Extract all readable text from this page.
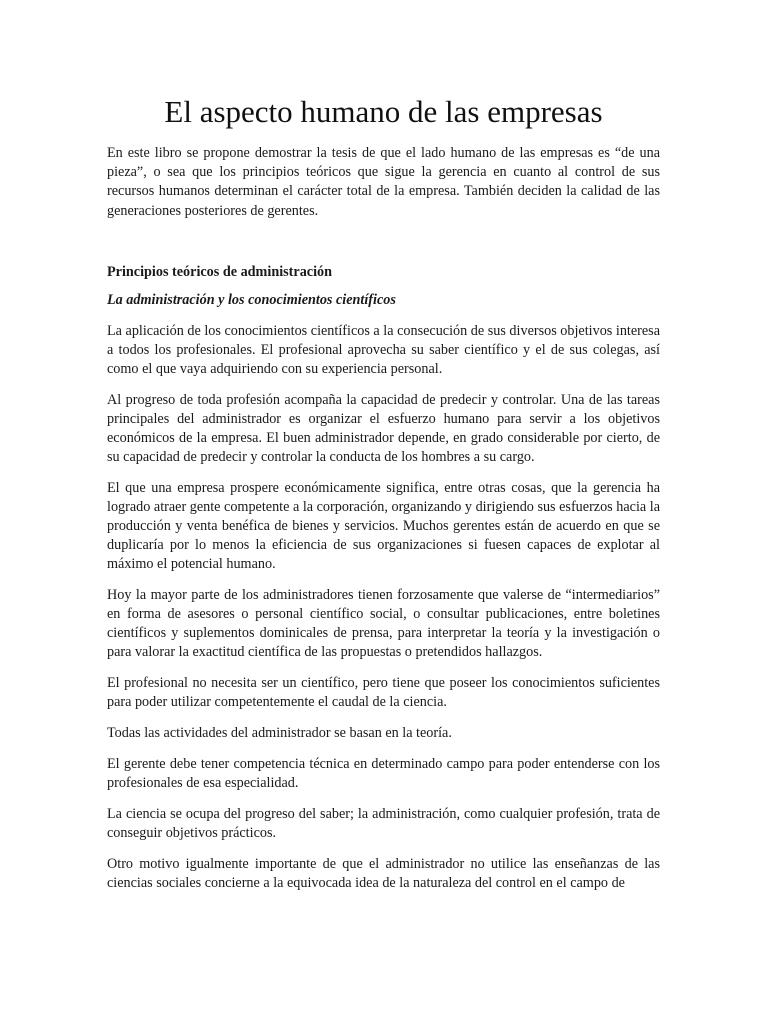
El aspecto humano de las empresas

En este libro se propone demostrar la tesis de que el lado humano de las empresas es “de una pieza”, o sea que los principios teóricos que sigue la gerencia en cuanto al control de sus recursos humanos determinan el carácter total de la empresa. También deciden la calidad de las generaciones posteriores de gerentes.

Principios teóricos de administración
La administración y los conocimientos científicos

La aplicación de los conocimientos científicos a la consecución de sus diversos objetivos interesa a todos los profesionales. El profesional aprovecha su saber científico y el de sus colegas, así como el que vaya adquiriendo con su experiencia personal.

Al progreso de toda profesión acompaña la capacidad de predecir y controlar. Una de las tareas principales del administrador es organizar el esfuerzo humano para servir a los objetivos económicos de la empresa. El buen administrador depende, en grado considerable por cierto, de su capacidad de predecir y controlar la conducta de los hombres a su cargo.

El que una empresa prospere económicamente significa, entre otras cosas, que la gerencia ha logrado atraer gente competente a la corporación, organizando y dirigiendo sus esfuerzos hacia la producción y venta benéfica de bienes y servicios. Muchos gerentes están de acuerdo en que se duplicaría por lo menos la eficiencia de sus organizaciones si fuesen capaces de explotar al máximo el potencial humano.

Hoy la mayor parte de los administradores tienen forzosamente que valerse de “intermediarios” en forma de asesores o personal científico social, o consultar publicaciones, entre boletines científicos y suplementos dominicales de prensa, para interpretar la teoría y la investigación o para valorar la exactitud científica de las propuestas o pretendidos hallazgos.

El profesional no necesita ser un científico, pero tiene que poseer los conocimientos suficientes para poder utilizar competentemente el caudal de la ciencia.

Todas las actividades del administrador se basan en la teoría.

El gerente debe tener competencia técnica en determinado campo para poder entenderse con los profesionales de esa especialidad.

La ciencia se ocupa del progreso del saber; la administración, como cualquier profesión, trata de conseguir objetivos prácticos.

Otro motivo igualmente importante de que el administrador no utilice las enseñanzas de las ciencias sociales concierne a la equivocada idea de la naturaleza del control en el campo de
